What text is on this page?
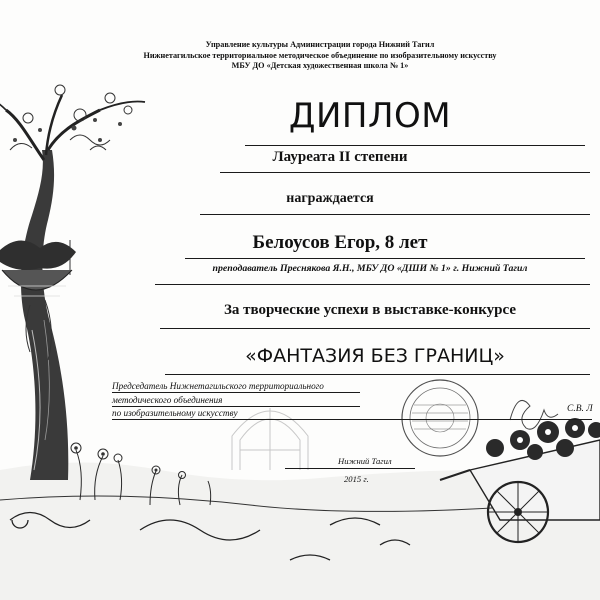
Управление культуры Администрации города Нижний Тагил
Нижнетагильское территориальное методическое объединение по изобразительному искусству
МБУ ДО «Детская художественная школа № 1»
ДИПЛОМ
Лауреата II степени
награждается
Белоусов Егор, 8 лет
преподаватель Преснякова Я.Н., МБУ ДО «ДШИ № 1» г. Нижний Тагил
За творческие успехи в выставке-конкурсе
«ФАНТАЗИЯ БЕЗ ГРАНИЦ»
Председатель Нижнетагильского территориального
методического объединения
по изобразительному искусству	С.В. Л
Нижний Тагил
2015 г.
